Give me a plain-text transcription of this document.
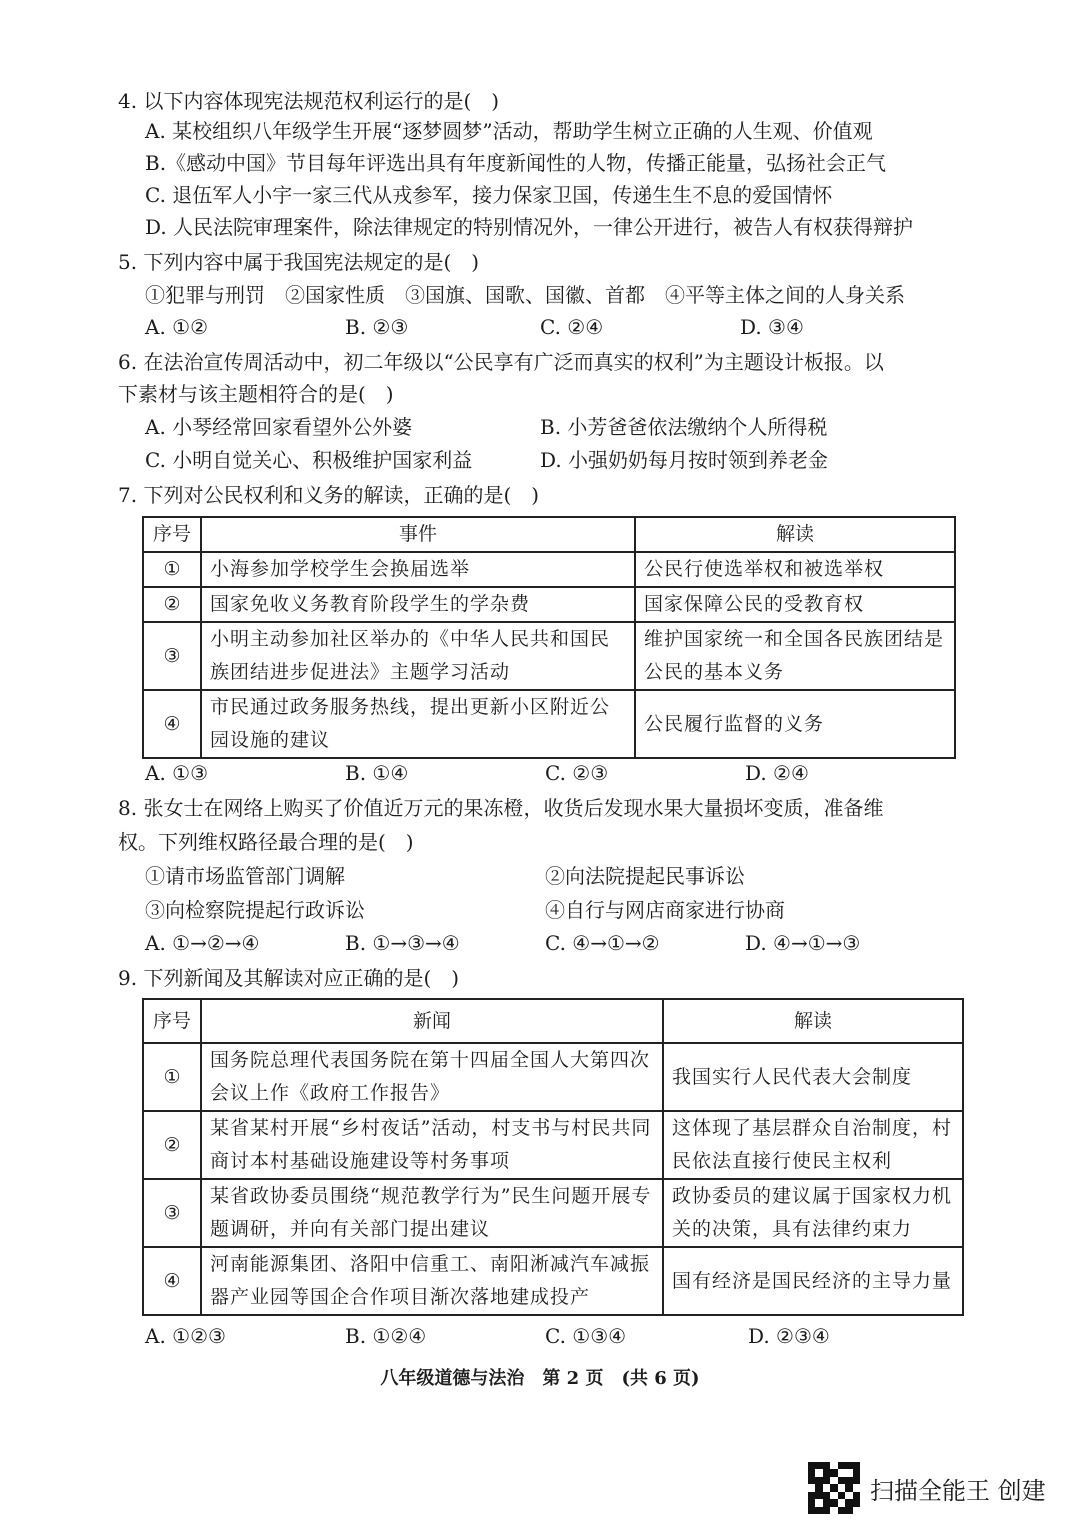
4. 以下内容体现宪法规范权利运行的是(　)
A. 某校组织八年级学生开展“逐梦圆梦”活动，帮助学生树立正确的人生观、价值观
B.《感动中国》节目每年评选出具有年度新闻性的人物，传播正能量，弘扬社会正气
C. 退伍军人小宇一家三代从戎参军，接力保家卫国，传递生生不息的爱国情怀
D. 人民法院审理案件，除法律规定的特别情况外，一律公开进行，被告人有权获得辩护
5. 下列内容中属于我国宪法规定的是(　)
①犯罪与刑罚　②国家性质　③国旗、国歌、国徽、首都　④平等主体之间的人身关系
A. ①②	B. ②③	C. ②④	D. ③④
6. 在法治宣传周活动中，初二年级以“公民享有广泛而真实的权利”为主题设计板报。以
下素材与该主题相符合的是(　)
A. 小琴经常回家看望外公外婆	B. 小芳爸爸依法缴纳个人所得税
C. 小明自觉关心、积极维护国家利益	D. 小强奶奶每月按时领到养老金
7. 下列对公民权利和义务的解读，正确的是(　)
序号	事件	解读
①	小海参加学校学生会换届选举	公民行使选举权和被选举权
②	国家免收义务教育阶段学生的学杂费	国家保障公民的受教育权
③	小明主动参加社区举办的《中华人民共和国民族团结进步促进法》主题学习活动	维护国家统一和全国各民族团结是公民的基本义务
④	市民通过政务服务热线，提出更新小区附近公园设施的建议	公民履行监督的义务
A. ①③	B. ①④	C. ②③	D. ②④
8. 张女士在网络上购买了价值近万元的果冻橙，收货后发现水果大量损坏变质，准备维
权。下列维权路径最合理的是(　)
①请市场监管部门调解	②向法院提起民事诉讼
③向检察院提起行政诉讼	④自行与网店商家进行协商
A. ①→②→④	B. ①→③→④	C. ④→①→②	D. ④→①→③
9. 下列新闻及其解读对应正确的是(　)
序号	新闻	解读
①	国务院总理代表国务院在第十四届全国人大第四次会议上作《政府工作报告》	我国实行人民代表大会制度
②	某省某村开展“乡村夜话”活动，村支书与村民共同商讨本村基础设施建设等村务事项	这体现了基层群众自治制度，村民依法直接行使民主权利
③	某省政协委员围绕“规范教学行为”民生问题开展专题调研，并向有关部门提出建议	政协委员的建议属于国家权力机关的决策，具有法律约束力
④	河南能源集团、洛阳中信重工、南阳淅减汽车减振器产业园等国企合作项目渐次落地建成投产	国有经济是国民经济的主导力量
A. ①②③	B. ①②④	C. ①③④	D. ②③④
八年级道德与法治　第 2 页　(共 6 页)
扫描全能王 创建
